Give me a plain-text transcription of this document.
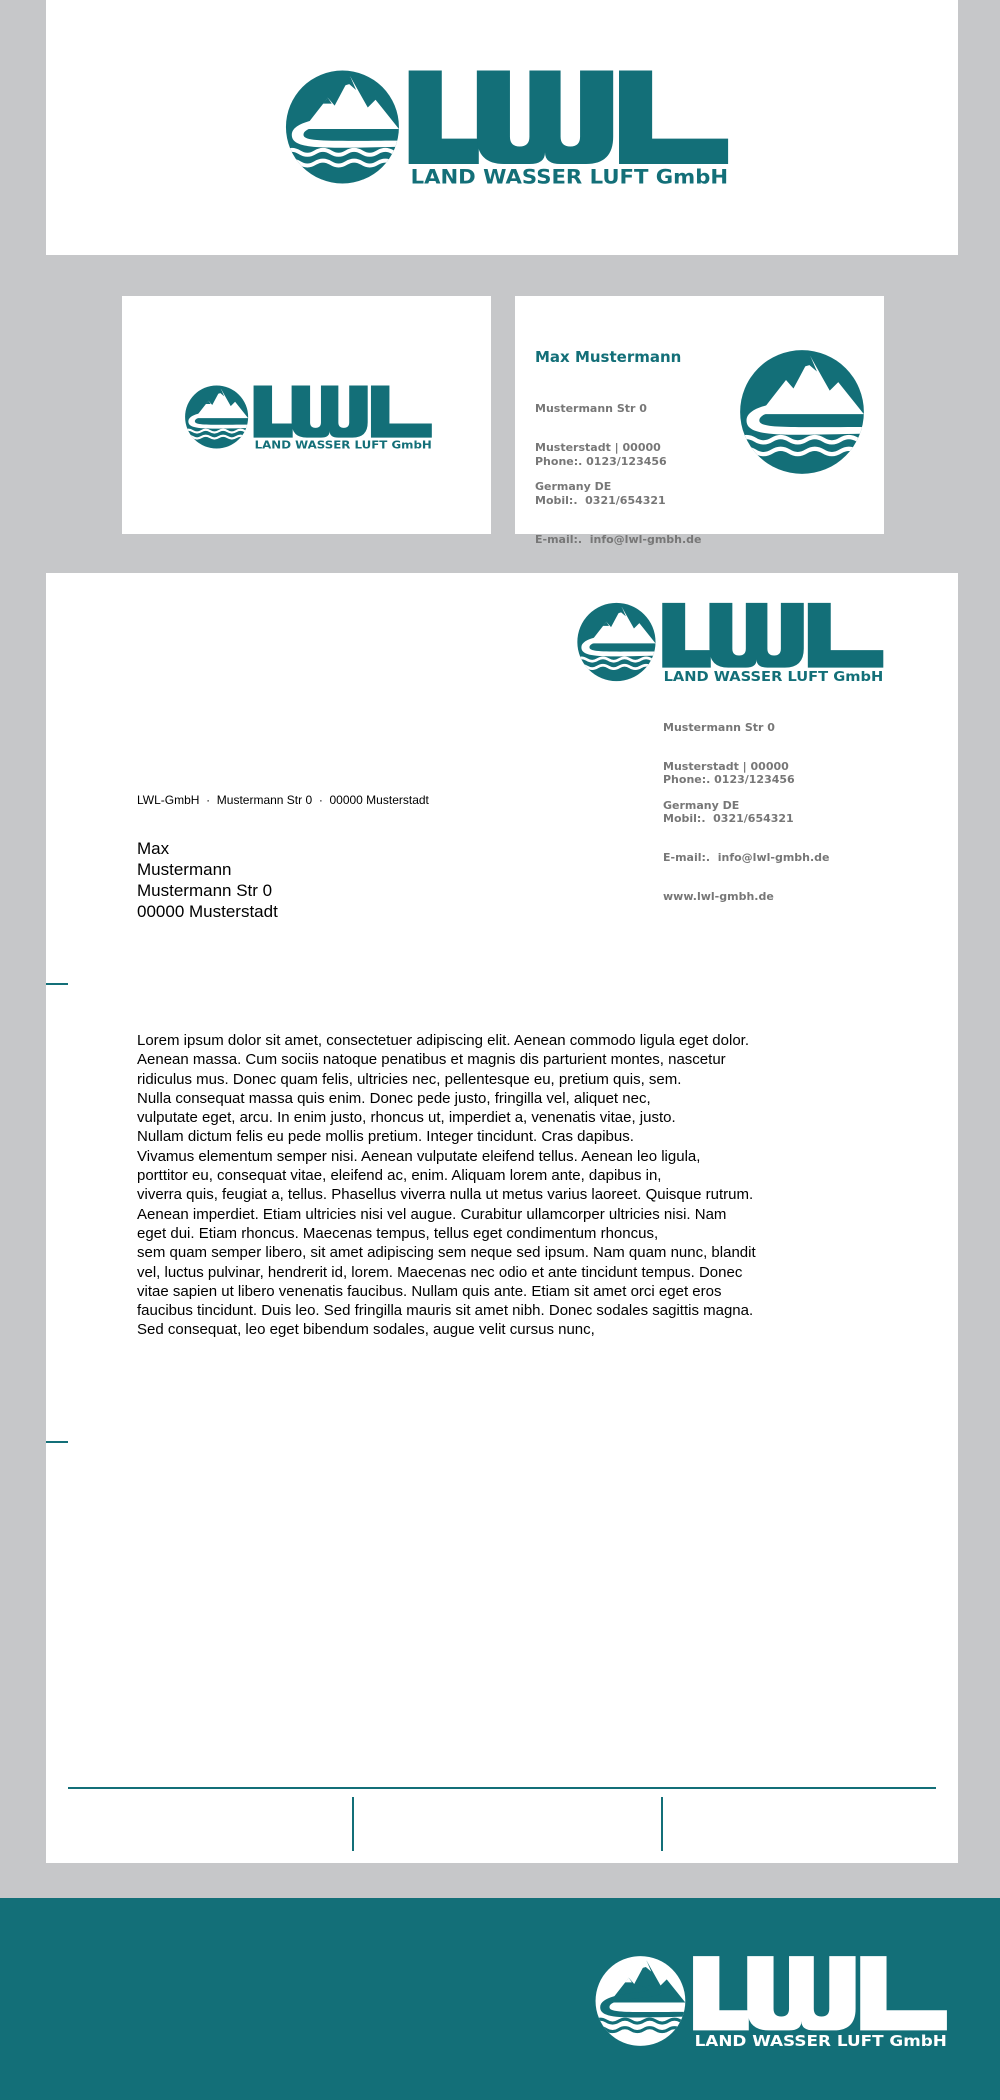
LAND WASSER LUFT GmbH
LAND WASSER LUFT GmbH
Max Mustermann

Mustermann Str 0

Musterstadt | 00000

Germany DE

Phone:. 0123/123456

Mobil:.  0321/654321

E-mail:.  info@lwl-gmbh.de

LAND WASSER LUFT GmbH

Mustermann Str 0

Musterstadt | 00000

Germany DE

Phone:. 0123/123456

Mobil:.  0321/654321

E-mail:.  info@lwl-gmbh.de

www.lwl-gmbh.de

LWL-GmbH  ·  Mustermann Str 0  ·  00000 Musterstadt
Max
Mustermann
Mustermann Str 0
00000 Musterstadt
Lorem ipsum dolor sit amet, consectetuer adipiscing elit. Aenean commodo ligula eget dolor.
Aenean massa. Cum sociis natoque penatibus et magnis dis parturient montes, nascetur
ridiculus mus. Donec quam felis, ultricies nec, pellentesque eu, pretium quis, sem.
Nulla consequat massa quis enim. Donec pede justo, fringilla vel, aliquet nec,
vulputate eget, arcu. In enim justo, rhoncus ut, imperdiet a, venenatis vitae, justo.
Nullam dictum felis eu pede mollis pretium. Integer tincidunt. Cras dapibus.
Vivamus elementum semper nisi. Aenean vulputate eleifend tellus. Aenean leo ligula,
porttitor eu, consequat vitae, eleifend ac, enim. Aliquam lorem ante, dapibus in,
viverra quis, feugiat a, tellus. Phasellus viverra nulla ut metus varius laoreet. Quisque rutrum.
Aenean imperdiet. Etiam ultricies nisi vel augue. Curabitur ullamcorper ultricies nisi. Nam
eget dui. Etiam rhoncus. Maecenas tempus, tellus eget condimentum rhoncus,
sem quam semper libero, sit amet adipiscing sem neque sed ipsum. Nam quam nunc, blandit
vel, luctus pulvinar, hendrerit id, lorem. Maecenas nec odio et ante tincidunt tempus. Donec
vitae sapien ut libero venenatis faucibus. Nullam quis ante. Etiam sit amet orci eget eros
faucibus tincidunt. Duis leo. Sed fringilla mauris sit amet nibh. Donec sodales sagittis magna.
Sed consequat, leo eget bibendum sodales, augue velit cursus nunc,
LAND WASSER LUFT GmbH
